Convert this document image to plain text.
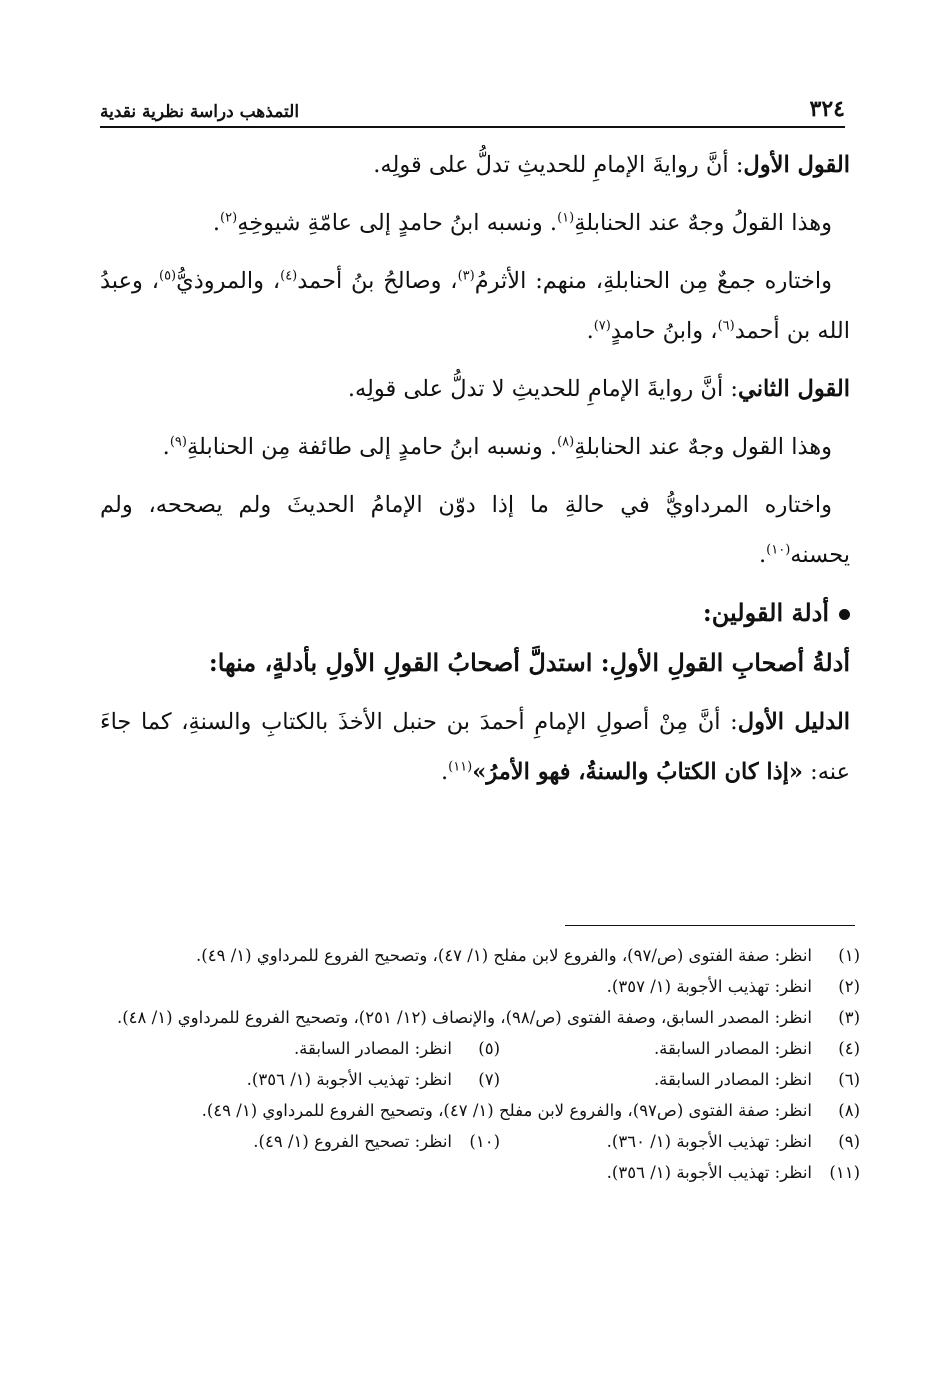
٣٢٤
التمذهب دراسة نظرية نقدية

القول الأول: أنَّ روايةَ الإمامِ للحديثِ تدلُّ على قولِه.

وهذا القولُ وجهٌ عند الحنابلةِ$^{(١)}$. ونسبه ابنُ حامدٍ إلى عامّةِ شيوخِهِ$^{(٢)}$.

واختاره جمعٌ مِن الحنابلةِ، منهم: الأثرمُ$^{(٣)}$، وصالحُ بنُ أحمد$^{(٤)}$، والمروذيُّ$^{(٥)}$، وعبدُ الله بن أحمد$^{(٦)}$، وابنُ حامدٍ$^{(٧)}$.

القول الثاني: أنَّ روايةَ الإمامِ للحديثِ لا تدلُّ على قولِه.

وهذا القول وجهٌ عند الحنابلةِ$^{(٨)}$. ونسبه ابنُ حامدٍ إلى طائفة مِن الحنابلةِ$^{(٩)}$.

واختاره المرداويُّ في حالةِ ما إذا دوّن الإمامُ الحديثَ ولم يصححه، ولم يحسنه$^{(١٠)}$.

أدلة القولين:

أدلةُ أصحابِ القولِ الأولِ: استدلَّ أصحابُ القولِ الأولِ بأدلةٍ، منها:

الدليل الأول: أنَّ مِنْ أصولِ الإمامِ أحمدَ بن حنبل الأخذَ بالكتابِ والسنةِ، كما جاءَ عنه: «إذا كان الكتابُ والسنةُ، فهو الأمرُ»$^{(١١)}$.

(١)
انظر: صفة الفتوى (ص/٩٧)، والفروع لابن مفلح (١/ ٤٧)، وتصحيح الفروع للمرداوي (١/ ٤٩).
(٢)
انظر: تهذيب الأجوبة (١/ ٣٥٧).
(٣)
انظر: المصدر السابق، وصفة الفتوى (ص/٩٨)، والإنصاف (١٢/ ٢٥١)، وتصحيح الفروع للمرداوي (١/ ٤٨).
(٤)
انظر: المصادر السابقة.
(٥)
انظر: المصادر السابقة.
(٦)
انظر: المصادر السابقة.
(٧)
انظر: تهذيب الأجوبة (١/ ٣٥٦).
(٨)
انظر: صفة الفتوى (ص٩٧)، والفروع لابن مفلح (١/ ٤٧)، وتصحيح الفروع للمرداوي (١/ ٤٩).
(٩)
انظر: تهذيب الأجوبة (١/ ٣٦٠).
(١٠)
انظر: تصحيح الفروع (١/ ٤٩).
(١١)
انظر: تهذيب الأجوبة (١/ ٣٥٦).
